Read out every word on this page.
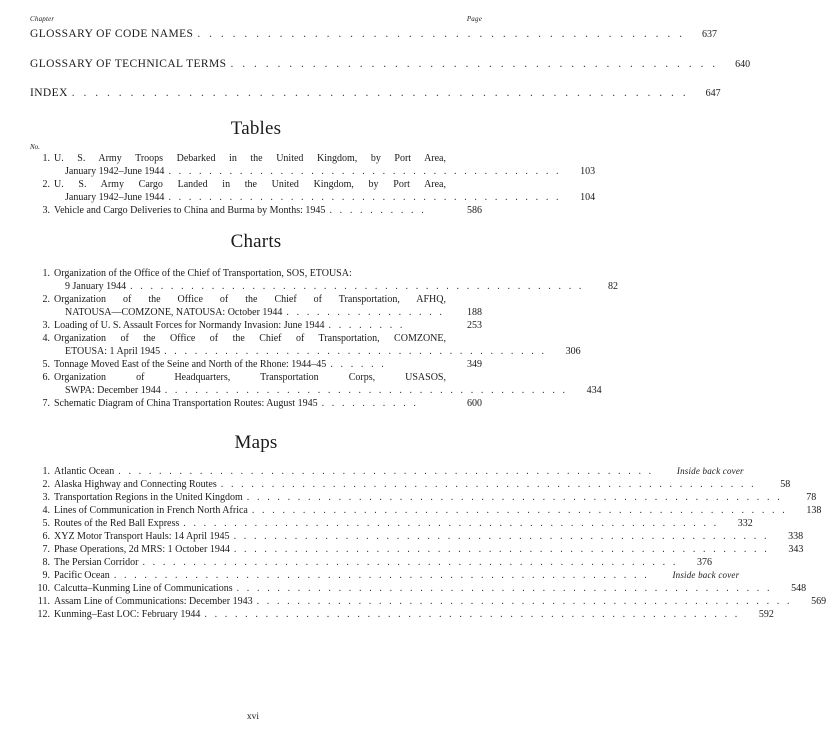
Chapter	Page
GLOSSARY OF CODE NAMES . . . . . . . . . . . . . . . . . . . . . . . . . . . . . . . . . . . . . . . . . .	637
GLOSSARY OF TECHNICAL TERMS . . . . . . . . . . . . . . . . . . . . . . . . . . . . . . . . . . . . . . . . . .	640
INDEX . . . . . . . . . . . . . . . . . . . . . . . . . . . . . . . . . . . . . . . . . . . . . . . . . . . . .	647
Tables
No.
1. U. S. Army Troops Debarked in the United Kingdom, by Port Area,
January 1942–June 1944 . . . . . . . . . . . . . . . . . . . . . . . . . . . . . . . . . . . . . . .	103
2. U. S. Army Cargo Landed in the United Kingdom, by Port Area,
January 1942–June 1944 . . . . . . . . . . . . . . . . . . . . . . . . . . . . . . . . . . . . . . .	104
3. Vehicle and Cargo Deliveries to China and Burma by Months: 1945 . . . . . . . . . .	586
Charts
1. Organization of the Office of the Chief of Transportation, SOS, ETOUSA:
9 January 1944 . . . . . . . . . . . . . . . . . . . . . . . . . . . . . . . . . . . . . . . . . . . . .	82
2. Organization of the Office of the Chief of Transportation, AFHQ,
NATOUSA—COMZONE, NATOUSA: October 1944 . . . . . . . . . . . . . . . .	188
3. Loading of U. S. Assault Forces for Normandy Invasion: June 1944 . . . . . . . .	253
4. Organization of the Office of the Chief of Transportation, COMZONE,
ETOUSA: 1 April 1945 . . . . . . . . . . . . . . . . . . . . . . . . . . . . . . . . . . . . . .	306
5. Tonnage Moved East of the Seine and North of the Rhone: 1944–45 . . . . . .	349
6. Organization of Headquarters, Transportation Corps, USASOS,
SWPA: December 1944 . . . . . . . . . . . . . . . . . . . . . . . . . . . . . . . . . . . . . . . .	434
7. Schematic Diagram of China Transportation Routes: August 1945 . . . . . . . . . .	600
Maps
1. Atlantic Ocean . . . . . . . . . . . . . . . . . . . . . . . . . . . . . . . . . . . . . . . . . . . . . . . . . . . . .	Inside back cover
2. Alaska Highway and Connecting Routes . . . . . . . . . . . . . . . . . . . . . . . . . . . . . . . . . . . . . . . . . . . . . . . . . . . . .	58
3. Transportation Regions in the United Kingdom . . . . . . . . . . . . . . . . . . . . . . . . . . . . . . . . . . . . . . . . . . . . . . . . . . . . .	78
4. Lines of Communication in French North Africa . . . . . . . . . . . . . . . . . . . . . . . . . . . . . . . . . . . . . . . . . . . . . . . . . . . . .	138
5. Routes of the Red Ball Express . . . . . . . . . . . . . . . . . . . . . . . . . . . . . . . . . . . . . . . . . . . . . . . . . . . . .	332
6. XYZ Motor Transport Hauls: 14 April 1945 . . . . . . . . . . . . . . . . . . . . . . . . . . . . . . . . . . . . . . . . . . . . . . . . . . . . .	338
7. Phase Operations, 2d MRS: 1 October 1944 . . . . . . . . . . . . . . . . . . . . . . . . . . . . . . . . . . . . . . . . . . . . . . . . . . . . .	343
8. The Persian Corridor . . . . . . . . . . . . . . . . . . . . . . . . . . . . . . . . . . . . . . . . . . . . . . . . . . . . .	376
9. Pacific Ocean . . . . . . . . . . . . . . . . . . . . . . . . . . . . . . . . . . . . . . . . . . . . . . . . . . . . .	Inside back cover
10. Calcutta–Kunming Line of Communications . . . . . . . . . . . . . . . . . . . . . . . . . . . . . . . . . . . . . . . . . . . . . . . . . . . . .	548
11. Assam Line of Communications: December 1943 . . . . . . . . . . . . . . . . . . . . . . . . . . . . . . . . . . . . . . . . . . . . . . . . . . . . .	569
12. Kunming–East LOC: February 1944 . . . . . . . . . . . . . . . . . . . . . . . . . . . . . . . . . . . . . . . . . . . . . . . . . . . . .	592
xvi
